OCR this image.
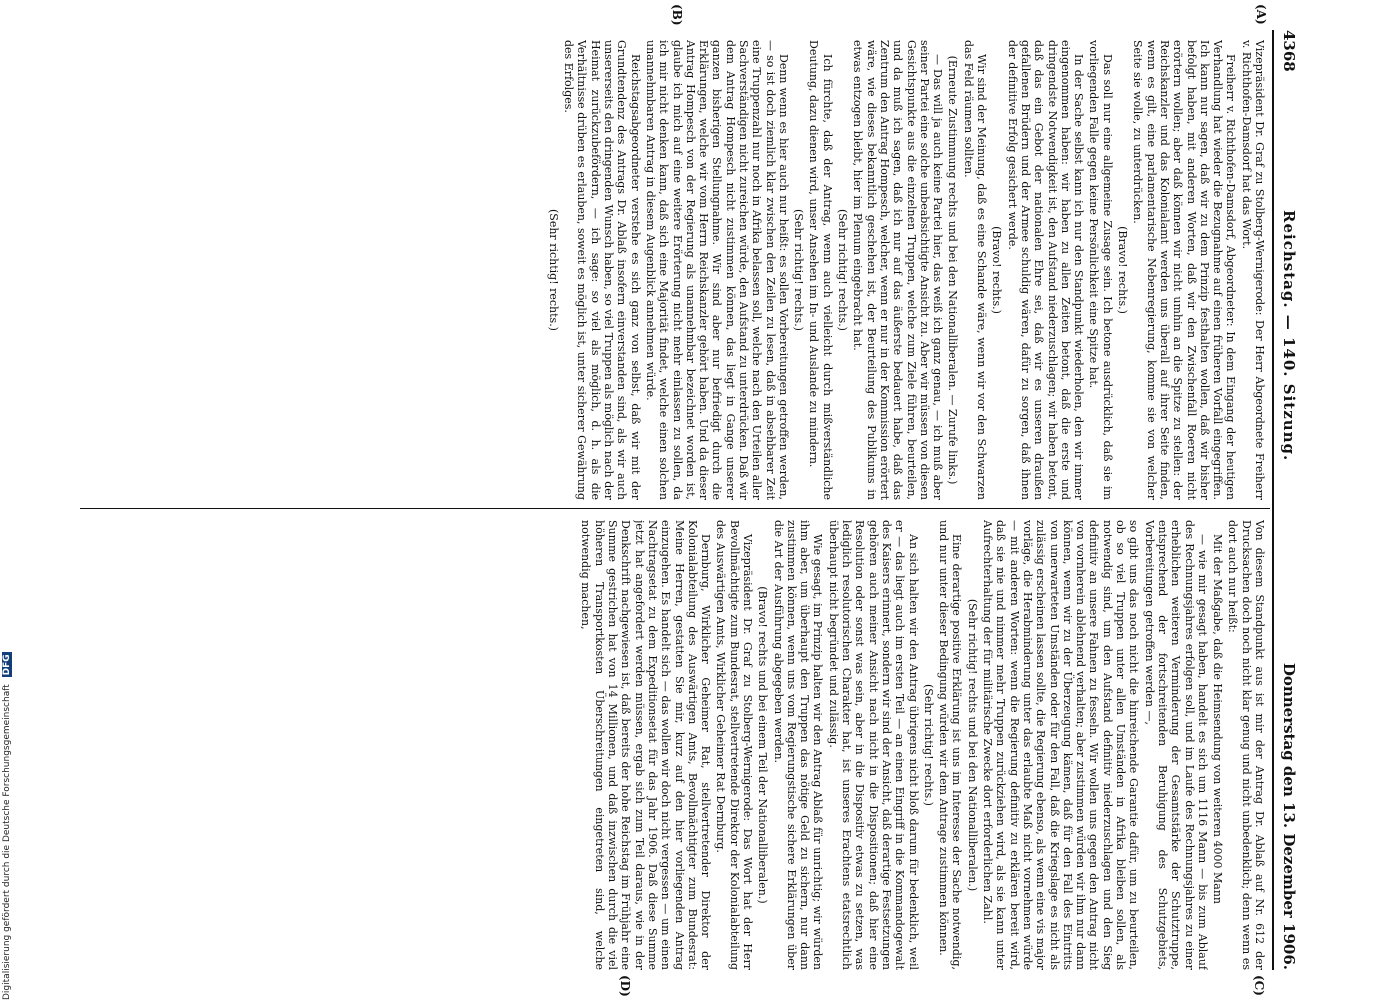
4368
Reichstag. — 140. Sitzung.
Donnerstag den 13. Dezember 1906.
(A)
(B)
(C)
(D)

Vizepräsident Dr. Graf zu Stolberg-Wernigerode: Der Herr Abgeordnete Freiherr v. Richthofen-Damsdorf hat das Wort.

Freiherr v. Richthofen-Damsdorf, Abgeordneter: In dem Eingang der heutigen Verhandlung hat wieder die Bezugnahme auf einen früheren Vorfall eingegriffen. Ich kann nur sagen, daß wir zu dem Prinzip festhalten wollen, daß wir bisher befolgt haben, mit anderen Worten, daß wir den Zwischenfall Roeren nicht erörtern wollen; aber daß können wir nicht umhin an die Spitze zu stellen: der Reichskanzler und das Kolonialamt werden uns überall auf ihrer Seite finden, wenn es gilt, eine parlamentarische Nebenregierung, komme sie von welcher Seite sie wolle, zu unterdrücken.

(Bravo! rechts.)

Das soll nur eine allgemeine Zusage sein. Ich betone ausdrücklich, daß sie im vorliegenden Falle gegen keine Persönlichkeit eine Spitze hat.

In der Sache selbst kann ich nur den Standpunkt wiederholen, den wir immer eingenommen haben: wir haben zu allen Zeiten betont, daß die erste und dringendste Notwendigkeit ist, den Aufstand niederzuschlagen; wir haben betont, daß das ein Gebot der nationalen Ehre sei, daß wir es unseren draußen gefallenen Brüdern und der Armee schuldig wären, dafür zu sorgen, daß ihnen der definitive Erfolg gesichert werde.

(Bravo! rechts.)

Wir sind der Meinung, daß es eine Schande wäre, wenn wir vor den Schwarzen das Feld räumen sollten.

(Erneute Zustimmung rechts und bei den Nationalliberalen. — Zurufe links.)

— Das will ja auch keine Partei hier, das weiß ich ganz genau, — ich muß aber seiner Partei eine solche unbeabsichtigte Ansicht zu. Aber wir müssen von diesen Gesichtspunkte aus die einzelnen Truppen, welche zum Ziele führen, beurteilen, und da muß ich sagen, daß ich nur auf das äußerste bedauert habe, daß das Zentrum den Antrag Hompesch, welcher, wenn er nur in der Kommission erörtert wäre, wie dieses bekanntlich geschehen ist, der Beurteilung des Publikums in etwas entzogen bleibt, hier im Plenum eingebracht hat.

(Sehr richtig! rechts.)

Ich fürchte, daß der Antrag, wenn auch vielleicht durch mißverständliche Deutung, dazu dienen wird, unser Ansehen im In- und Auslande zu mindern.

(Sehr richtig! rechts.)

Denn wenn es hier auch nur heißt: es sollen Vorbereitungen getroffen werden, — so ist doch ziemlich klar zwischen den Zeilen zu lesen, daß in absehbarer Zeit eine Truppenzahl nur noch in Afrika belassen soll, welche nach den Urteilen aller Sachverständigen nicht zureichen würde, den Aufstand zu unterdrücken. Daß wir dem Antrag Hompesch nicht zustimmen können, das liegt in Gange unserer ganzen bisherigen Stellungnahme. Wir sind aber nur befriedigt durch die Erklärungen, welche wir vom Herrn Reichskanzler gehört haben. Und da dieser Antrag Hompesch von der Regierung als unannehmbar bezeichnet worden ist, glaube ich mich auf eine weitere Erörterung nicht mehr einlassen zu sollen, da ich mir nicht denken kann, daß sich eine Majorität findet, welche einen solchen unannehmbaren Antrag in diesem Augenblick annehmen würde.

Reichstagsabgeordneter verstehe es sich ganz von selbst, daß wir mit der Grundtendenz des Antrags Dr. Ablaß insofern einverstanden sind, als wir auch unsererseits den dringenden Wunsch haben, so viel Truppen als möglich nach der Heimat zurückzubefördern, — ich sage: so viel als möglich, d. h. als die Verhältnisse drüben es erlauben, soweit es möglich ist, unter sicherer Gewährung des Erfolges.

(Sehr richtig! rechts.)

Von diesem Standpunkt aus ist mir der Antrag Dr. Ablaß auf Nr. 612 der Drucksachen doch noch nicht klar genug und nicht unbedenklich; denn wenn es dort auch nur heißt:

Mit der Maßgabe, daß die Heimsendung von weiteren 4000 Mann

— wie mir gesagt haben, handelt es sich um 1116 Mann — bis zum Ablauf des Rechnungsjahres erfolgen soll, und im Laufe des Rechnungsjahres zu einer erheblichen weiteren Verminderung der Gesamtstärke der Schutztruppe, entsprechend der fortschreitenden Beruhigung des Schutzgebiets, Vorbereitungen getroffen werden —,

so gibt uns das noch nicht die hinreichende Garantie dafür, um zu beurteilen, ob so viel Truppen unter allen Umständen in Afrika bleiben sollen, als notwendig sind, um den Aufstand definitiv niederzuschlagen und den Sieg definitiv an unsere Fahnen zu fesseln. Wir wollen uns gegen den Antrag nicht von vornherein ablehnend verhalten; aber zustimmen würden wir ihm nur dann können, wenn wir zu der Überzeugung kämen, daß für den Fall des Eintritts von unerwarteten Umständen oder für den Fall, daß die Kriegslage es nicht als zulässig erscheinen lassen sollte, die Regierung ebenso, als wenn eine vis major vorläge, die Herabminderung unter das erlaubte Maß nicht vornehmen würde — mit anderen Worten: wenn die Regierung definitiv zu erklären bereit wird, daß sie nie und nimmer mehr Truppen zurückziehen wird, als sie kann unter Aufrechterhaltung der für militärische Zwecke dort erforderlichen Zahl.

(Sehr richtig! rechts und bei den Nationalliberalen.)

Eine derartige positive Erklärung ist uns im Interesse der Sache notwendig, und nur unter dieser Bedingung würden wir dem Antrage zustimmen können.

(Sehr richtig! rechts.)

An sich halten wir den Antrag übrigens nicht bloß darum für bedenklich, weil er — das liegt auch im ersten Teil — an einen Eingriff in die Kommandogewalt des Kaisers erinnert, sondern wir sind der Ansicht, daß derartige Festsetzungen gehören auch meiner Ansicht nach nicht in die Dispositionen; daß hier eine Resolution oder sonst was sein, aber in die Dispositiv etwas zu setzen, was lediglich resolutorischen Charakter hat, ist unseres Erachtens etatsrechtlich überhaupt nicht begründet und zulässig.

Wie gesagt, im Prinzip halten wir den Antrag Ablaß für unrichtig; wir würden ihm aber, um überhaupt den Truppen das nötige Geld zu sichern, nur dann zustimmen können, wenn uns vom Regierungstische sichere Erklärungen über die Art der Ausführung abgegeben werden.

(Bravo! rechts und bei einem Teil der Nationalliberalen.)

Vizepräsident Dr. Graf zu Stolberg-Wernigerode: Das Wort hat der Herr Bevollmächtigte zum Bundesrat, stellvertretende Direktor der Kolonialabteilung des Auswärtigen Amts, Wirklicher Geheimer Rat Dernburg.

Dernburg, Wirklicher Geheimer Rat, stellvertretender Direktor der Kolonialabteilung des Auswärtigen Amts, Bevollmächtigter zum Bundesrat: Meine Herren, gestatten Sie mir, kurz auf den hier vorliegenden Antrag einzugehen. Es handelt sich — das wollen wir doch nicht vergessen — um einen Nachtragsetat zu dem Expeditionsetat für das Jahr 1906. Daß diese Summe jetzt hat angefordert werden müssen, ergab sich zum Teil daraus, wie in der Denkschrift nachgewiesen ist, daß bereits der hohe Reichstag im Frühjahr eine Summe gestrichen hat von 14 Millionen, und daß inzwischen durch die viel höheren Transportkosten Überschreitungen eingetreten sind, welche notwendig machen,

Digitalisierung gefördert durch die Deutsche Forschungsgemeinschaft DFG
